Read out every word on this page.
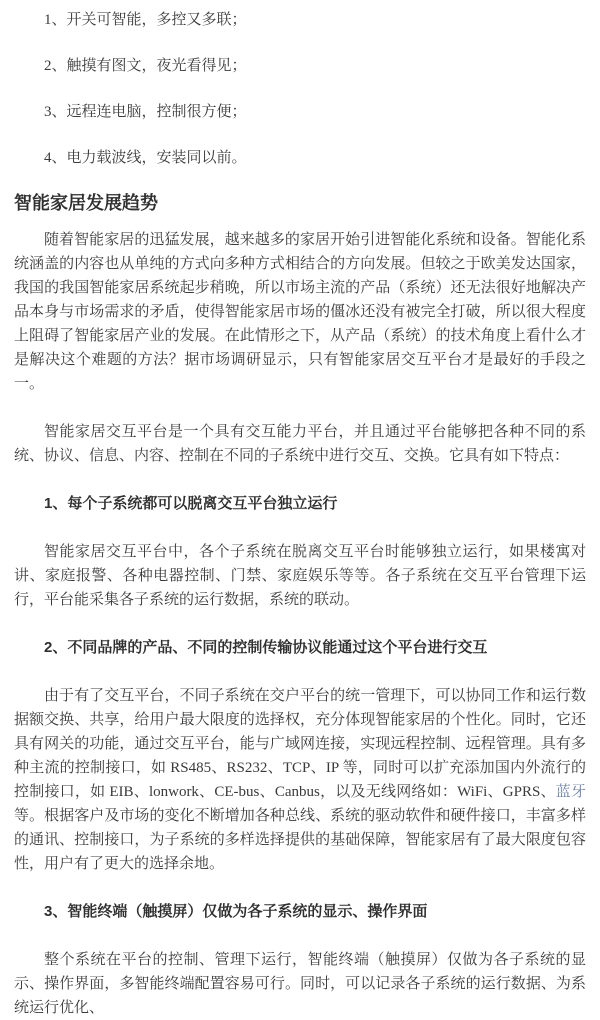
1、开关可智能，多控又多联；

2、触摸有图文，夜光看得见；

3、远程连电脑，控制很方便；

4、电力载波线，安装同以前。

智能家居发展趋势

随着智能家居的迅猛发展，越来越多的家居开始引进智能化系统和设备。智能化系统涵盖的内容也从单纯的方式向多种方式相结合的方向发展。但较之于欧美发达国家，我国的我国智能家居系统起步稍晚，所以市场主流的产品（系统）还无法很好地解决产品本身与市场需求的矛盾，使得智能家居市场的僵冰还没有被完全打破，所以很大程度上阻碍了智能家居产业的发展。在此情形之下，从产品（系统）的技术角度上看什么才是解决这个难题的方法？据市场调研显示，只有智能家居交互平台才是最好的手段之一。

智能家居交互平台是一个具有交互能力平台，并且通过平台能够把各种不同的系统、协议、信息、内容、控制在不同的子系统中进行交互、交换。它具有如下特点：

1、每个子系统都可以脱离交互平台独立运行

智能家居交互平台中，各个子系统在脱离交互平台时能够独立运行，如果楼寓对讲、家庭报警、各种电器控制、门禁、家庭娱乐等等。各子系统在交互平台管理下运行，平台能采集各子系统的运行数据，系统的联动。

2、不同品牌的产品、不同的控制传输协议能通过这个平台进行交互

由于有了交互平台，不同子系统在交户平台的统一管理下，可以协同工作和运行数据额交换、共享，给用户最大限度的选择权，充分体现智能家居的个性化。同时，它还具有网关的功能，通过交互平台，能与广域网连接，实现远程控制、远程管理。具有多种主流的控制接口，如 RS485、RS232、TCP、IP 等，同时可以扩充添加国内外流行的控制接口，如 EIB、lonwork、CE-bus、Canbus，以及无线网络如：WiFi、GPRS、蓝牙等。根据客户及市场的变化不断增加各种总线、系统的驱动软件和硬件接口，丰富多样的通讯、控制接口，为子系统的多样选择提供的基础保障，智能家居有了最大限度包容性，用户有了更大的选择余地。

3、智能终端（触摸屏）仅做为各子系统的显示、操作界面

整个系统在平台的控制、管理下运行，智能终端（触摸屏）仅做为各子系统的显示、操作界面，多智能终端配置容易可行。同时，可以记录各子系统的运行数据、为系统运行优化、
